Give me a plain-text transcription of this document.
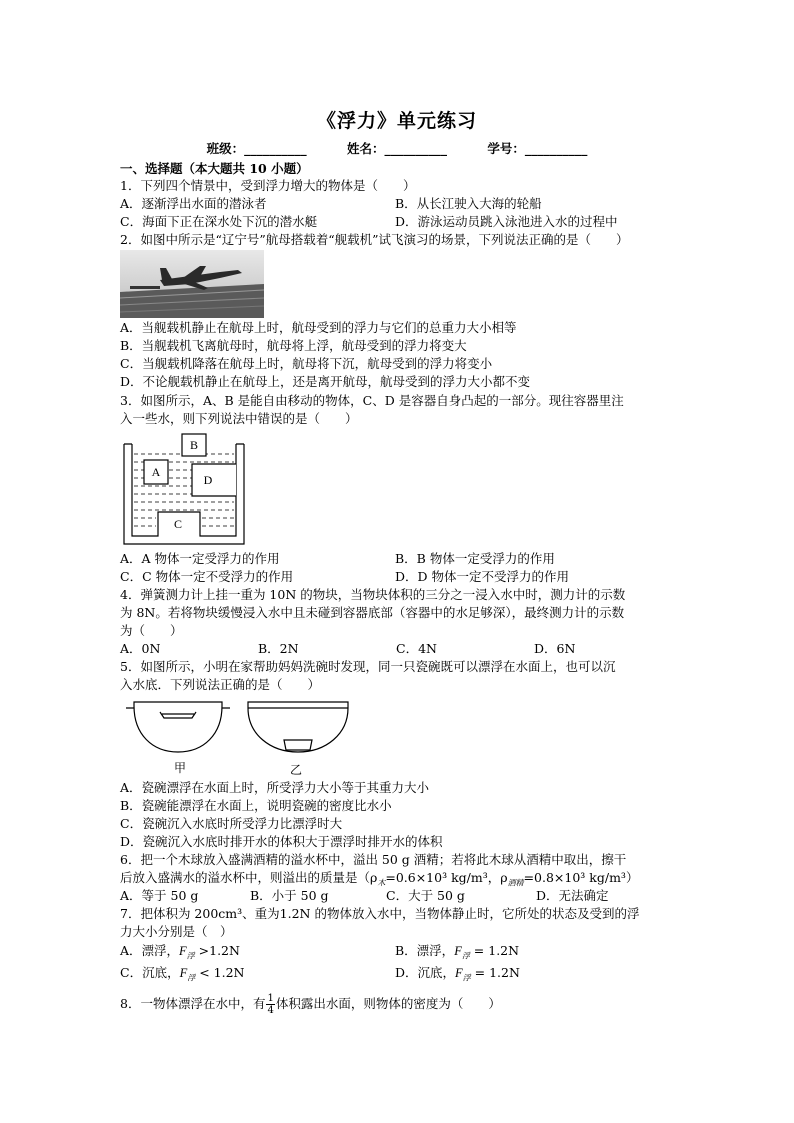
《浮力》单元练习
班级：__________	姓名：__________	学号：__________
一、选择题（本大题共 10 小题）
1．下列四个情景中，受到浮力增大的物体是（　　）
A．逐渐浮出水面的潜泳者	B．从长江驶入大海的轮船
C．海面下正在深水处下沉的潜水艇	D．游泳运动员跳入泳池进入水的过程中
2．如图中所示是“辽宁号”航母搭载着“舰载机”试飞演习的场景，下列说法正确的是（　　）
A．当舰载机静止在航母上时，航母受到的浮力与它们的总重力大小相等
B．当舰载机飞离航母时，航母将上浮，航母受到的浮力将变大
C．当舰载机降落在航母上时，航母将下沉，航母受到的浮力将变小
D．不论舰载机静止在航母上，还是离开航母，航母受到的浮力大小都不变
3．如图所示，A、B 是能自由移动的物体，C、D 是容器自身凸起的一部分。现往容器里注
入一些水，则下列说法中错误的是（　　）
B
A
D
C
A．A 物体一定受浮力的作用	B．B 物体一定受浮力的作用
C．C 物体一定不受浮力的作用	D．D 物体一定不受浮力的作用
4．弹簧测力计上挂一重为 10N 的物块，当物块体积的三分之一浸入水中时，测力计的示数
为 8N。若将物块缓慢浸入水中且未碰到容器底部（容器中的水足够深），最终测力计的示数
为（　　）
A．0N	B．2N	C．4N	D．6N
5．如图所示，小明在家帮助妈妈洗碗时发现，同一只瓷碗既可以漂浮在水面上，也可以沉
入水底．下列说法正确的是（　　）
甲	乙
A．瓷碗漂浮在水面上时，所受浮力大小等于其重力大小
B．瓷碗能漂浮在水面上，说明瓷碗的密度比水小
C．瓷碗沉入水底时所受浮力比漂浮时大
D．瓷碗沉入水底时排开水的体积大于漂浮时排开水的体积
6．把一个木球放入盛满酒精的溢水杯中，溢出 50 g 酒精；若将此木球从酒精中取出，擦干
后放入盛满水的溢水杯中，则溢出的质量是（$\rho_木=0.6\times 10^3$ kg/m³，$\rho_{酒精}=0.8\times 10^3$ kg/m³）
A．等于 50 g	B．小于 50 g	C．大于 50 g	D．无法确定
7．把体积为 200cm³、重为1.2N 的物体放入水中，当物体静止时，它所处的状态及受到的浮
力大小分别是（　）
A．漂浮，$F_浮 >1.2N$	B．漂浮，$F_浮 = 1.2N$
C．沉底，$F_浮 < 1.2N$	D．沉底，$F_浮 = 1.2N$
8．一物体漂浮在水中，有 $\frac{1}{4}$ 体积露出水面，则物体的密度为（　　）
